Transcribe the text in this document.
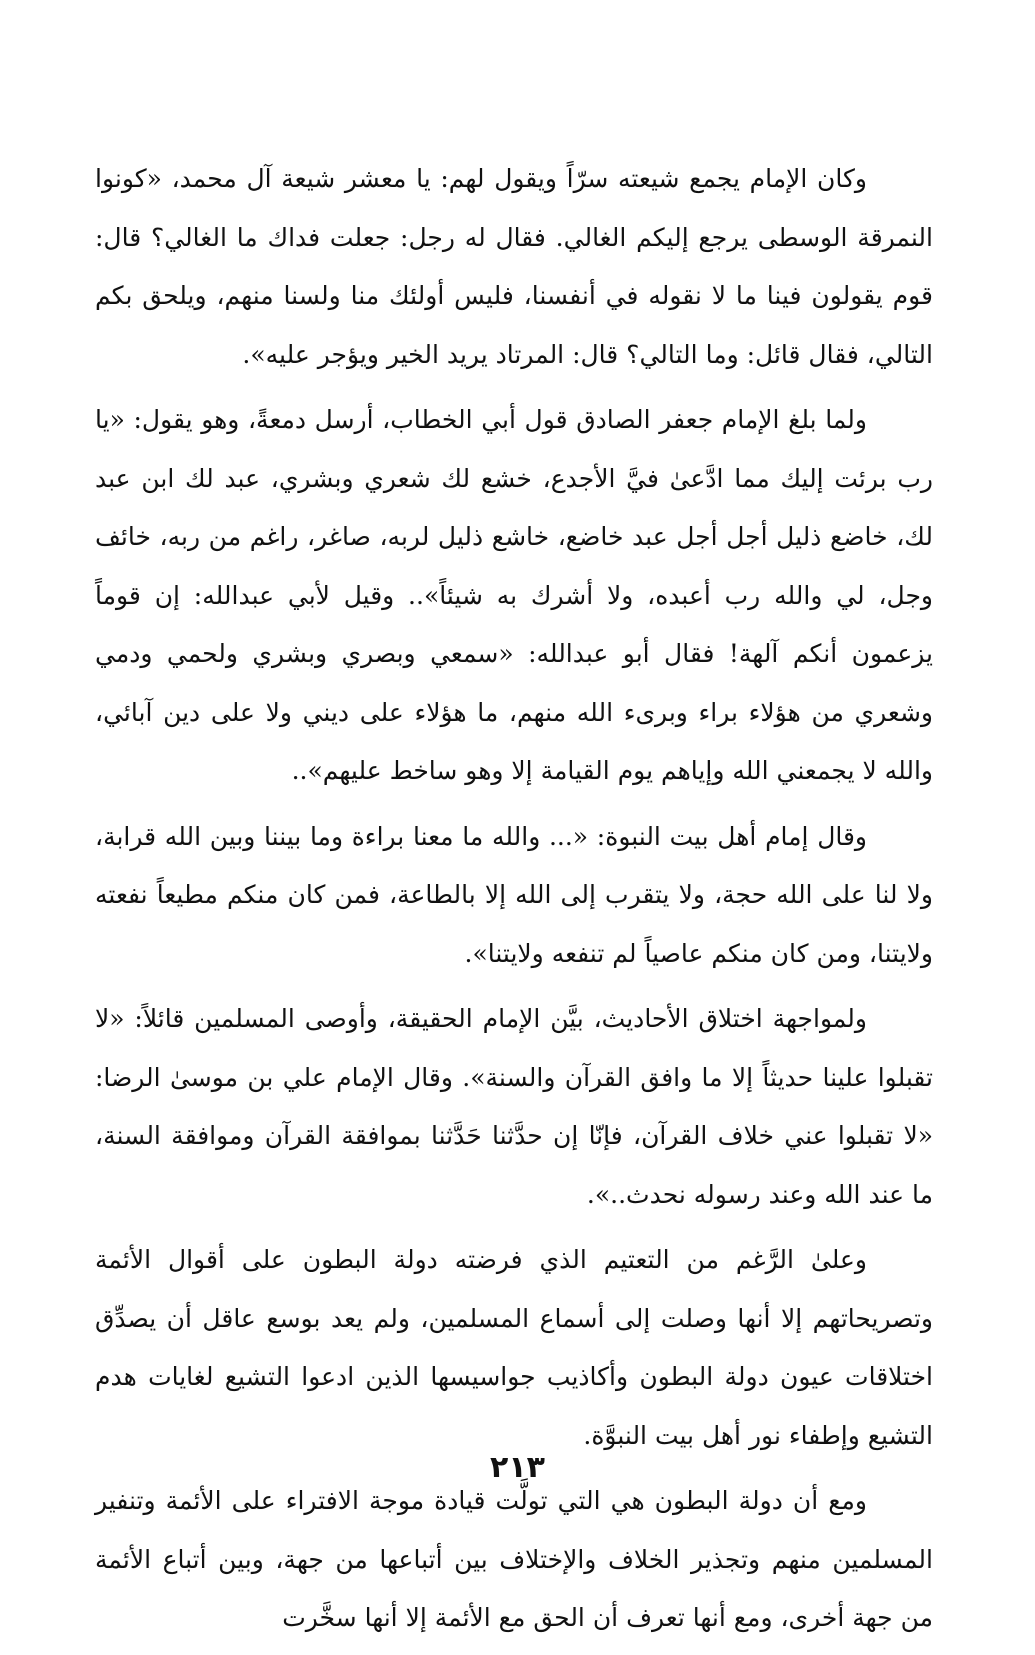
وكان الإمام يجمع شيعته سرّاً ويقول لهم: يا معشر شيعة آل محمد، «كونوا النمرقة الوسطى يرجع إليكم الغالي. فقال له رجل: جعلت فداك ما الغالي؟ قال: قوم يقولون فينا ما لا نقوله في أنفسنا، فليس أولئك منا ولسنا منهم، ويلحق بكم التالي، فقال قائل: وما التالي؟ قال: المرتاد يريد الخير ويؤجر عليه».

ولما بلغ الإمام جعفر الصادق قول أبي الخطاب، أرسل دمعةً، وهو يقول: «يا رب برئت إليك مما ادَّعىٰ فيَّ الأجدع، خشع لك شعري وبشري، عبد لك ابن عبد لك، خاضع ذليل أجل أجل عبد خاضع، خاشع ذليل لربه، صاغر، راغم من ربه، خائف وجل، لي والله رب أعبده، ولا أشرك به شيئاً».. وقيل لأبي عبدالله: إن قوماً يزعمون أنكم آلهة! فقال أبو عبدالله: «سمعي وبصري وبشري ولحمي ودمي وشعري من هؤلاء براء وبرىء الله منهم، ما هؤلاء على ديني ولا على دين آبائي، والله لا يجمعني الله وإياهم يوم القيامة إلا وهو ساخط عليهم»..

وقال إمام أهل بيت النبوة: «... والله ما معنا براءة وما بيننا وبين الله قرابة، ولا لنا على الله حجة، ولا يتقرب إلى الله إلا بالطاعة، فمن كان منكم مطيعاً نفعته ولايتنا، ومن كان منكم عاصياً لم تنفعه ولايتنا».

ولمواجهة اختلاق الأحاديث، بيَّن الإمام الحقيقة، وأوصى المسلمين قائلاً: «لا تقبلوا علينا حديثاً إلا ما وافق القرآن والسنة». وقال الإمام علي بن موسىٰ الرضا: «لا تقبلوا عني خلاف القرآن، فإنّا إن حدَّثنا حَدَّثنا بموافقة القرآن وموافقة السنة، ما عند الله وعند رسوله نحدث..».

وعلىٰ الرَّغم من التعتيم الذي فرضته دولة البطون على أقوال الأئمة وتصريحاتهم إلا أنها وصلت إلى أسماع المسلمين، ولم يعد بوسع عاقل أن يصدِّق اختلاقات عيون دولة البطون وأكاذيب جواسيسها الذين ادعوا التشيع لغايات هدم التشيع وإطفاء نور أهل بيت النبوَّة.

ومع أن دولة البطون هي التي تولَّت قيادة موجة الافتراء على الأئمة وتنفير المسلمين منهم وتجذير الخلاف والإختلاف بين أتباعها من جهة، وبين أتباع الأئمة من جهة أخرى، ومع أنها تعرف أن الحق مع الأئمة إلا أنها سخَّرت

٢١٣
